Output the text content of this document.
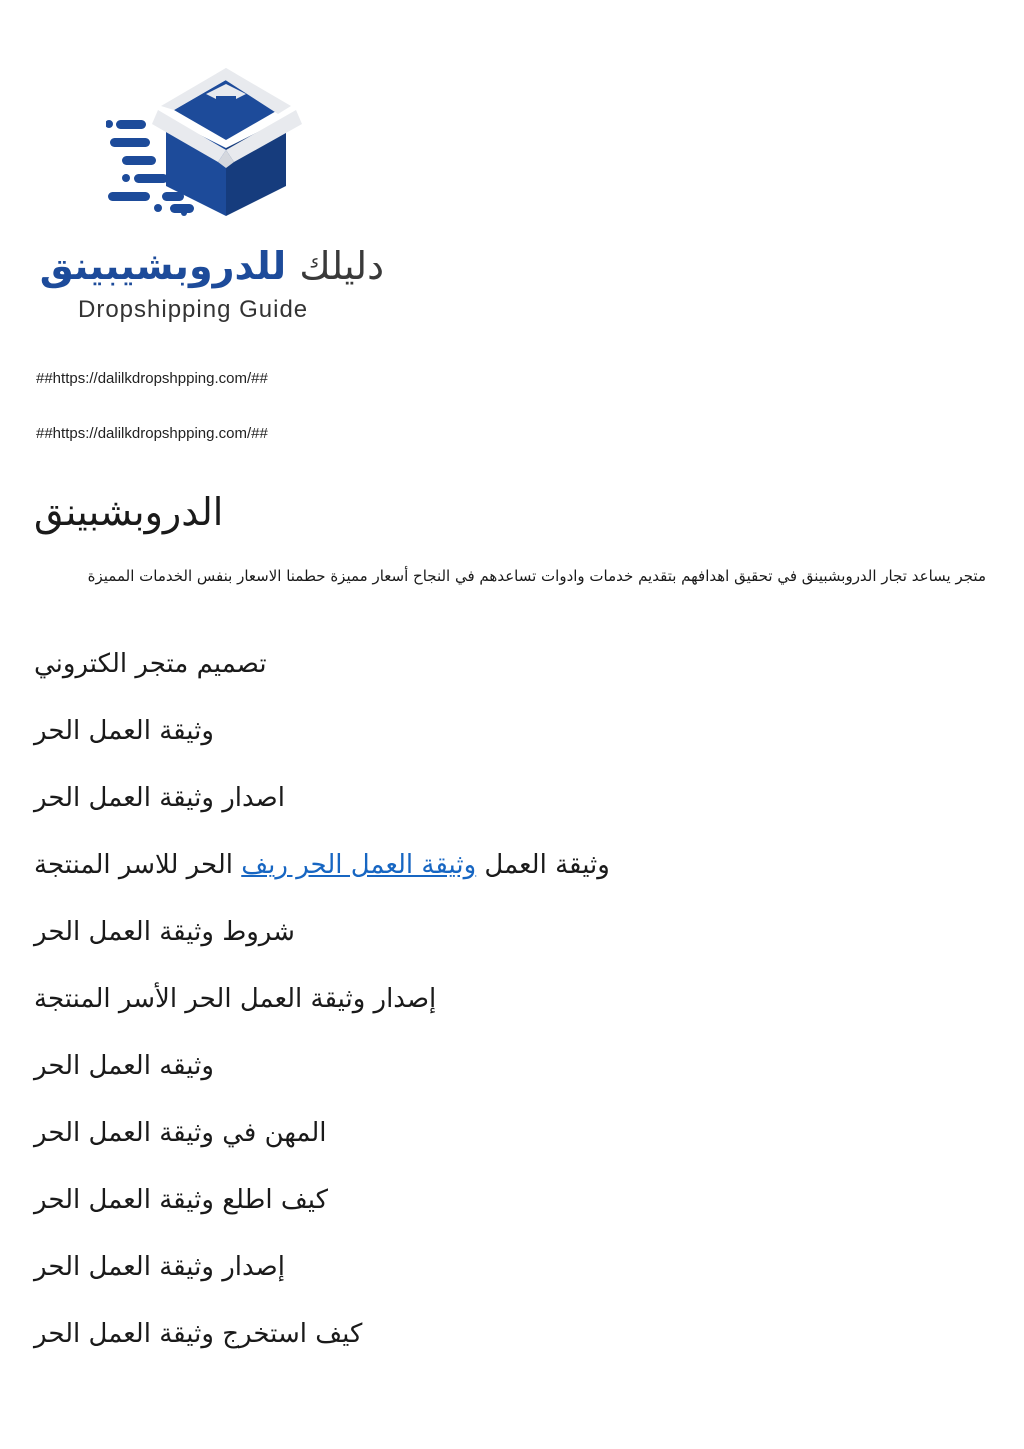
دليلك للدروبشيبينق
Dropshipping Guide
##https://dalilkdropshpping.com/##
##https://dalilkdropshpping.com/##
الدروبشبينق

متجر يساعد تجار الدروبشبينق في تحقيق اهدافهم بتقديم خدمات وادوات تساعدهم في النجاح أسعار مميزة حطمنا الاسعار بنفس الخدمات المميزة

تصميم متجر الكتروني
وثيقة العمل الحر
اصدار وثيقة العمل الحر
وثيقة العمل وثيقة العمل الحر ريف الحر للاسر المنتجة
شروط وثيقة العمل الحر
إصدار وثيقة العمل الحر الأسر المنتجة
وثيقه العمل الحر
المهن في وثيقة العمل الحر
كيف اطلع وثيقة العمل الحر
إصدار وثيقة العمل الحر
كيف استخرج وثيقة العمل الحر
